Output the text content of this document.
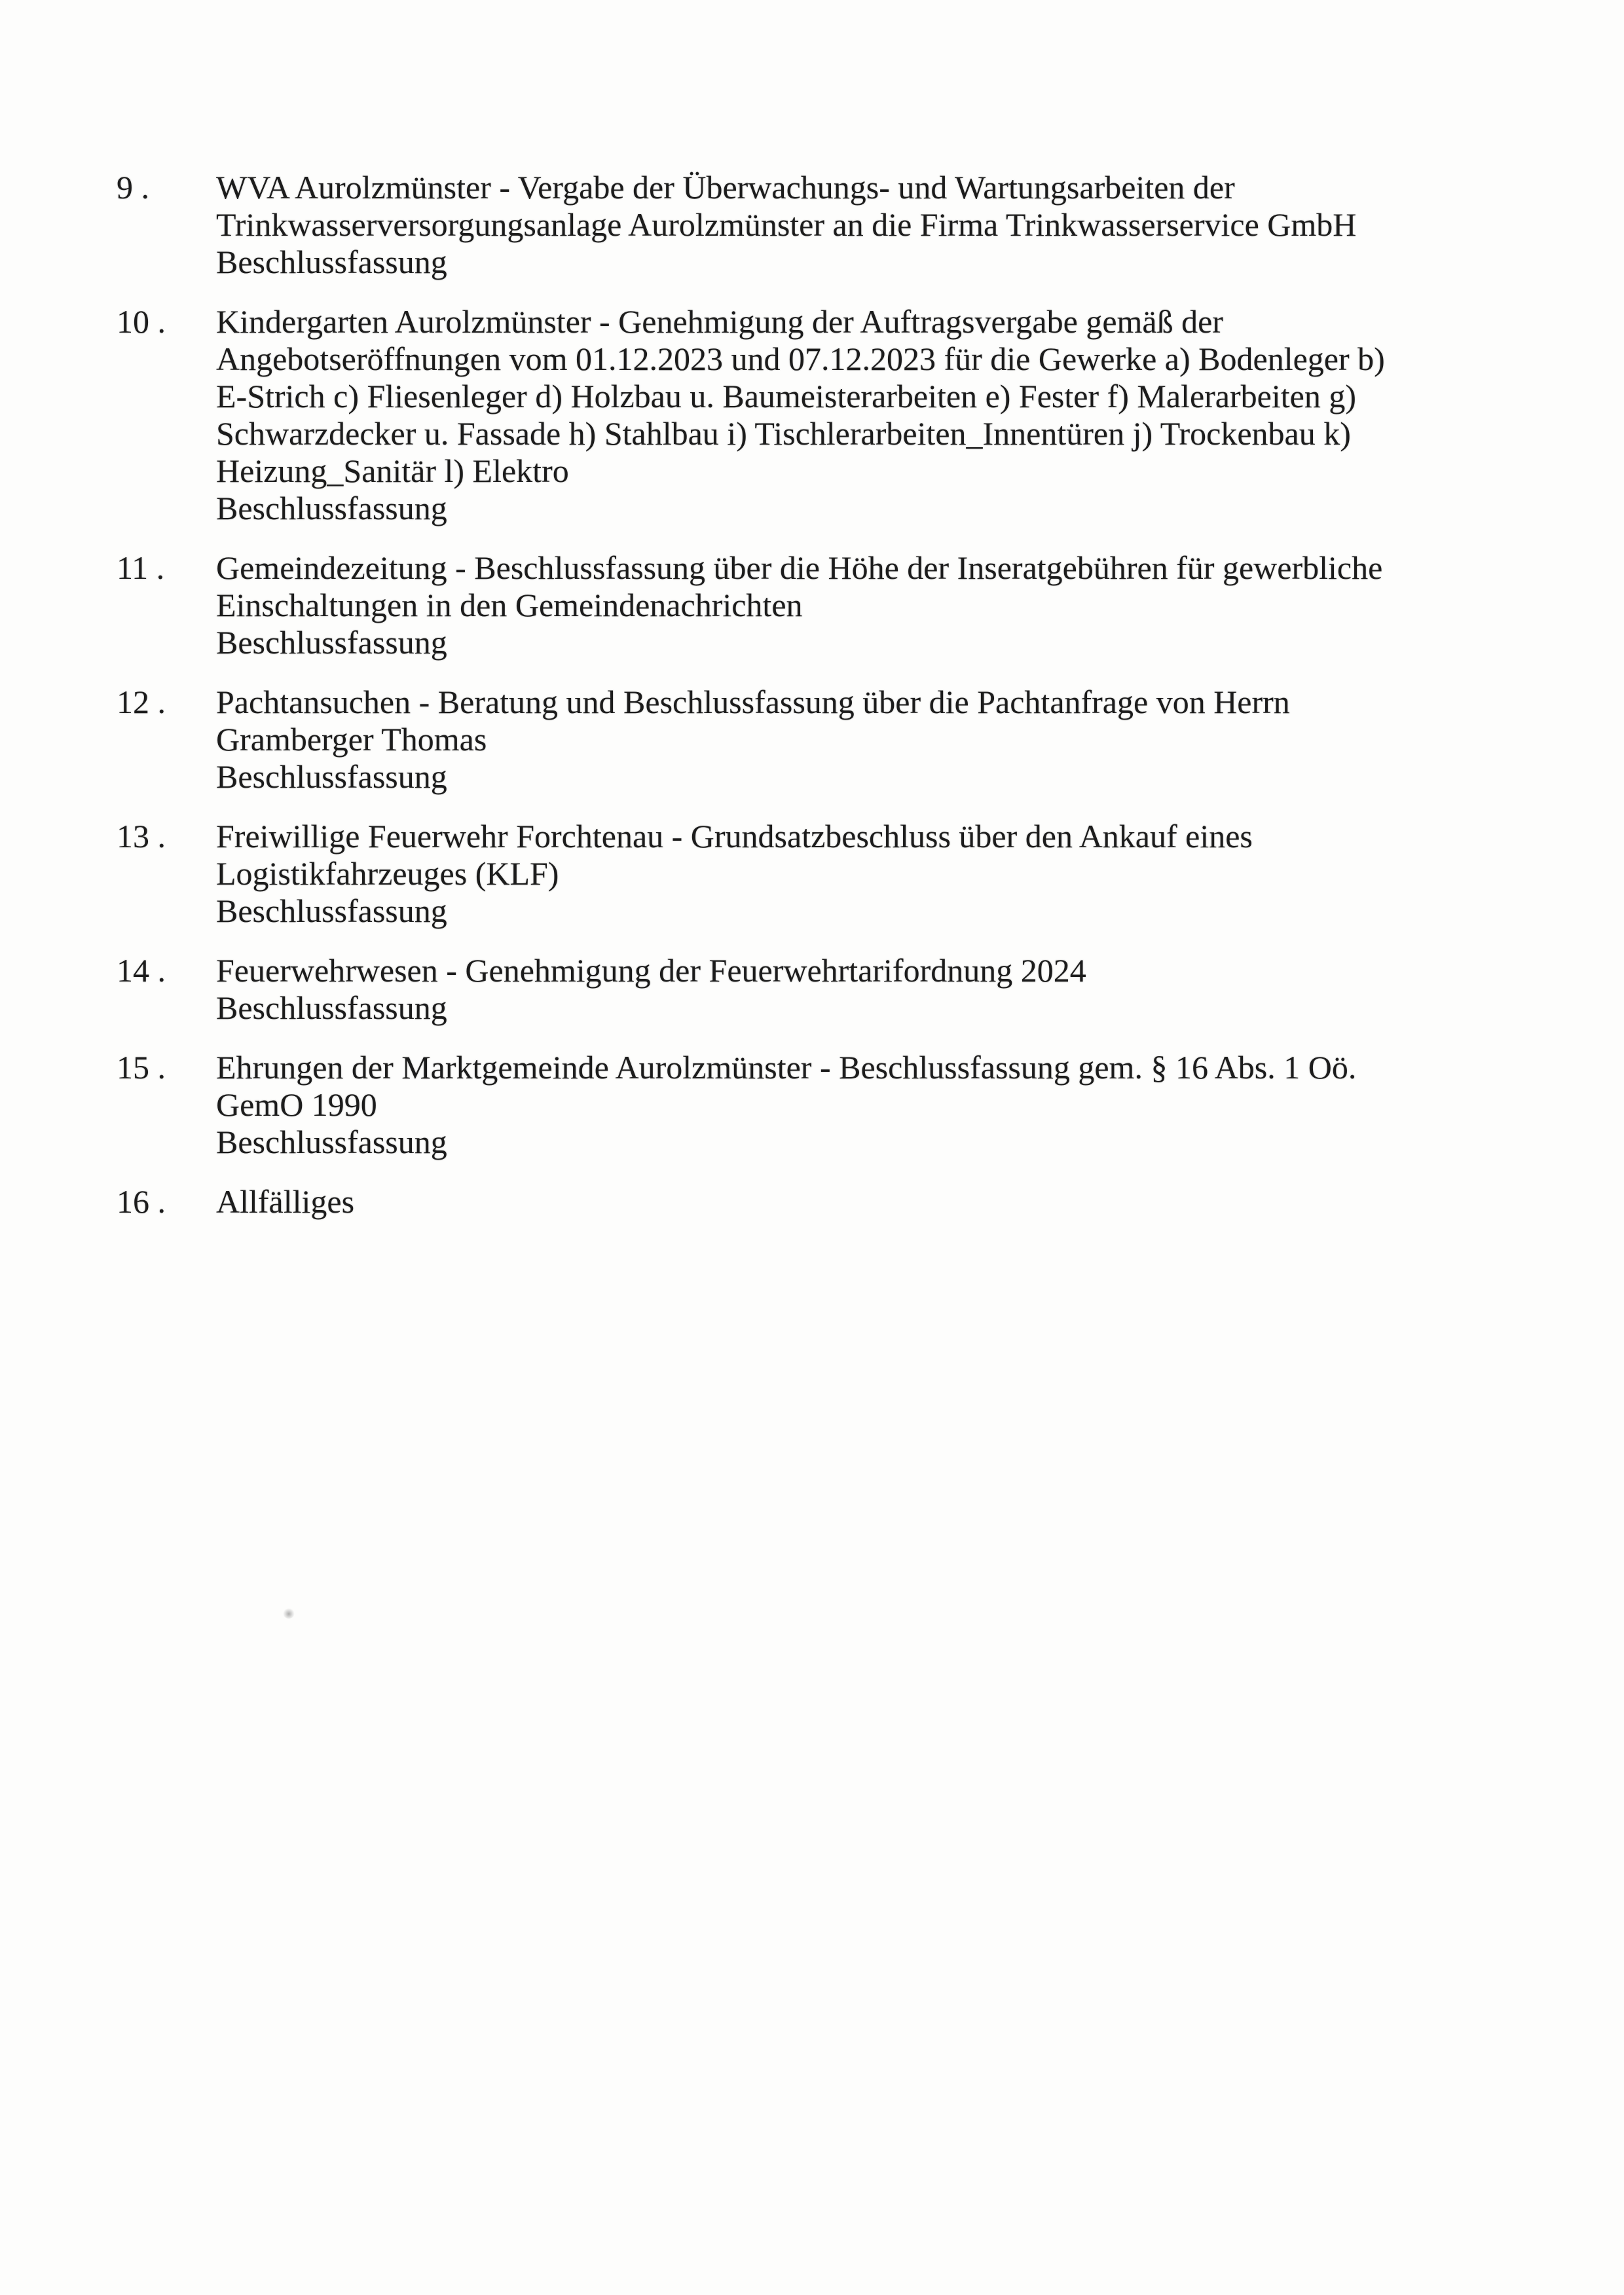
9 .	WVA Aurolzmünster - Vergabe der Überwachungs- und Wartungsarbeiten der
Trinkwasserversorgungsanlage Aurolzmünster an die Firma Trinkwasserservice GmbH
Beschlussfassung
10 .	Kindergarten Aurolzmünster - Genehmigung der Auftragsvergabe gemäß der
Angebotseröffnungen vom 01.12.2023 und 07.12.2023 für die Gewerke a) Bodenleger b)
E-Strich c) Fliesenleger d) Holzbau u. Baumeisterarbeiten e) Fester f) Malerarbeiten g)
Schwarzdecker u. Fassade h) Stahlbau i) Tischlerarbeiten_Innentüren j) Trockenbau k)
Heizung_Sanitär l) Elektro
Beschlussfassung
11 .	Gemeindezeitung - Beschlussfassung über die Höhe der Inseratgebühren für gewerbliche
Einschaltungen in den Gemeindenachrichten
Beschlussfassung
12 .	Pachtansuchen - Beratung und Beschlussfassung über die Pachtanfrage von Herrn
Gramberger Thomas
Beschlussfassung
13 .	Freiwillige Feuerwehr Forchtenau - Grundsatzbeschluss über den Ankauf eines
Logistikfahrzeuges (KLF)
Beschlussfassung
14 .	Feuerwehrwesen - Genehmigung der Feuerwehrtarifordnung 2024
Beschlussfassung
15 .	Ehrungen der Marktgemeinde Aurolzmünster - Beschlussfassung gem. § 16 Abs. 1 Oö.
GemO 1990
Beschlussfassung
16 .	Allfälliges
